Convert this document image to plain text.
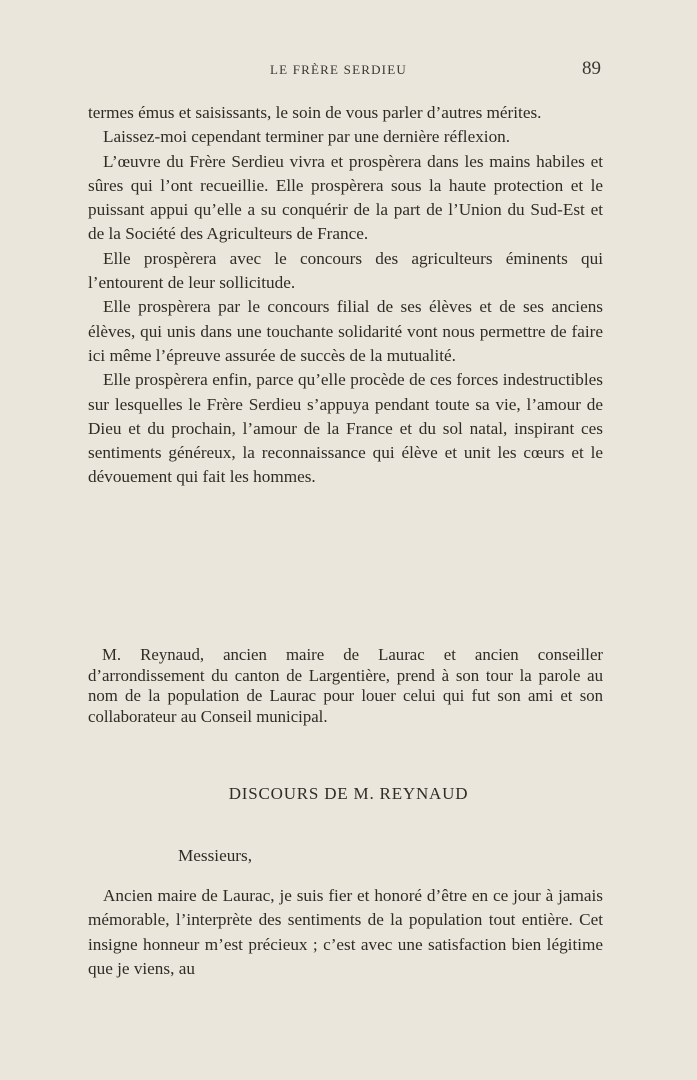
LE FRÈRE SERDIEU	89

termes émus et saisissants, le soin de vous parler d’autres mérites.

Laissez-moi cependant terminer par une dernière réflexion.

L’œuvre du Frère Serdieu vivra et prospèrera dans les mains habiles et sûres qui l’ont recueillie. Elle prospèrera sous la haute protection et le puissant appui qu’elle a su conquérir de la part de l’Union du Sud-Est et de la Société des Agriculteurs de France.

Elle prospèrera avec le concours des agriculteurs éminents qui l’entourent de leur sollicitude.

Elle prospèrera par le concours filial de ses élèves et de ses anciens élèves, qui unis dans une touchante solidarité vont nous permettre de faire ici même l’épreuve assurée de succès de la mutualité.

Elle prospèrera enfin, parce qu’elle procède de ces forces indestructibles sur lesquelles le Frère Serdieu s’appuya pendant toute sa vie, l’amour de Dieu et du prochain, l’amour de la France et du sol natal, inspirant ces sentiments généreux, la reconnaissance qui élève et unit les cœurs et le dévouement qui fait les hommes.

M. Reynaud, ancien maire de Laurac et ancien conseiller d’arrondissement du canton de Largentière, prend à son tour la parole au nom de la population de Laurac pour louer celui qui fut son ami et son collaborateur au Conseil municipal.

DISCOURS DE M. REYNAUD
Messieurs,

Ancien maire de Laurac, je suis fier et honoré d’être en ce jour à jamais mémorable, l’interprète des sentiments de la population tout entière. Cet insigne honneur m’est précieux ; c’est avec une satisfaction bien légitime que je viens, au
